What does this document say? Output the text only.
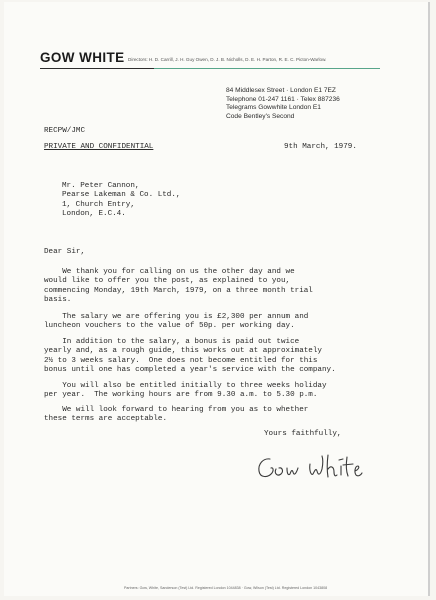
GOW WHITE Directors: H. D. Carrill, J. H. Guy Owen, D. J. B. Nicholls, D. E. H. Parton, R. E. C. Picton-Warlow.
84 Middlesex Street · London E1 7EZ
Telephone 01-247 1161 · Telex 887236
Telegrams Gowwhite London E1
Code Bentley's Second
RECPW/JMC
PRIVATE AND CONFIDENTIAL	9th March, 1979.
Mr. Peter Cannon,
Pearse Lakeman & Co. Ltd.,
1, Church Entry,
London, E.C.4.
Dear Sir,
We thank you for calling on us the other day and we
would like to offer you the post, as explained to you,
commencing Monday, 19th March, 1979, on a three month trial
basis.
The salary we are offering you is £2,300 per annum and
luncheon vouchers to the value of 50p. per working day.
In addition to the salary, a bonus is paid out twice
yearly and, as a rough guide, this works out at approximately
2½ to 3 weeks salary.  One does not become entitled for this
bonus until one has completed a year's service with the company.
You will also be entitled initially to three weeks holiday
per year.  The working hours are from 9.30 a.m. to 5.30 p.m.
We will look forward to hearing from you as to whether
these terms are acceptable.
Yours faithfully,
Partners: Gow, White, Sanderson (Test) Ltd. Registered London 1044838 · Gow, Wilson (Test) Ltd. Registered London 1043808
